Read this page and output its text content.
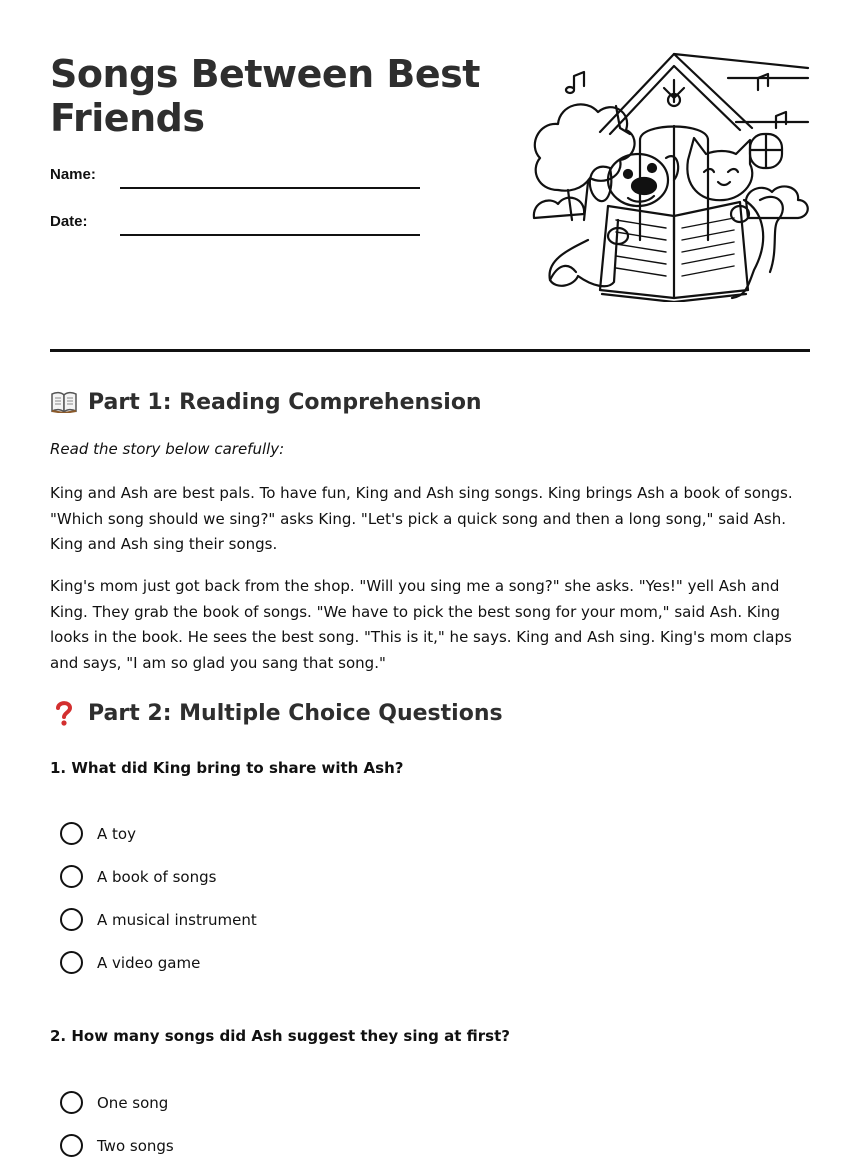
Songs Between Best Friends
Name:
Date:
Part 1: Reading Comprehension
Read the story below carefully:

King and Ash are best pals. To have fun, King and Ash sing songs. King brings Ash a book of songs. "Which song should we sing?" asks King. "Let's pick a quick song and then a long song," said Ash. King and Ash sing their songs.

King's mom just got back from the shop. "Will you sing me a song?" she asks. "Yes!" yell Ash and King. They grab the book of songs. "We have to pick the best song for your mom," said Ash. King looks in the book. He sees the best song. "This is it," he says. King and Ash sing. King's mom claps and says, "I am so glad you sang that song."

Part 2: Multiple Choice Questions

1. What did King bring to share with Ash?

A toy
A book of songs
A musical instrument
A video game

2. How many songs did Ash suggest they sing at first?

One song
Two songs
